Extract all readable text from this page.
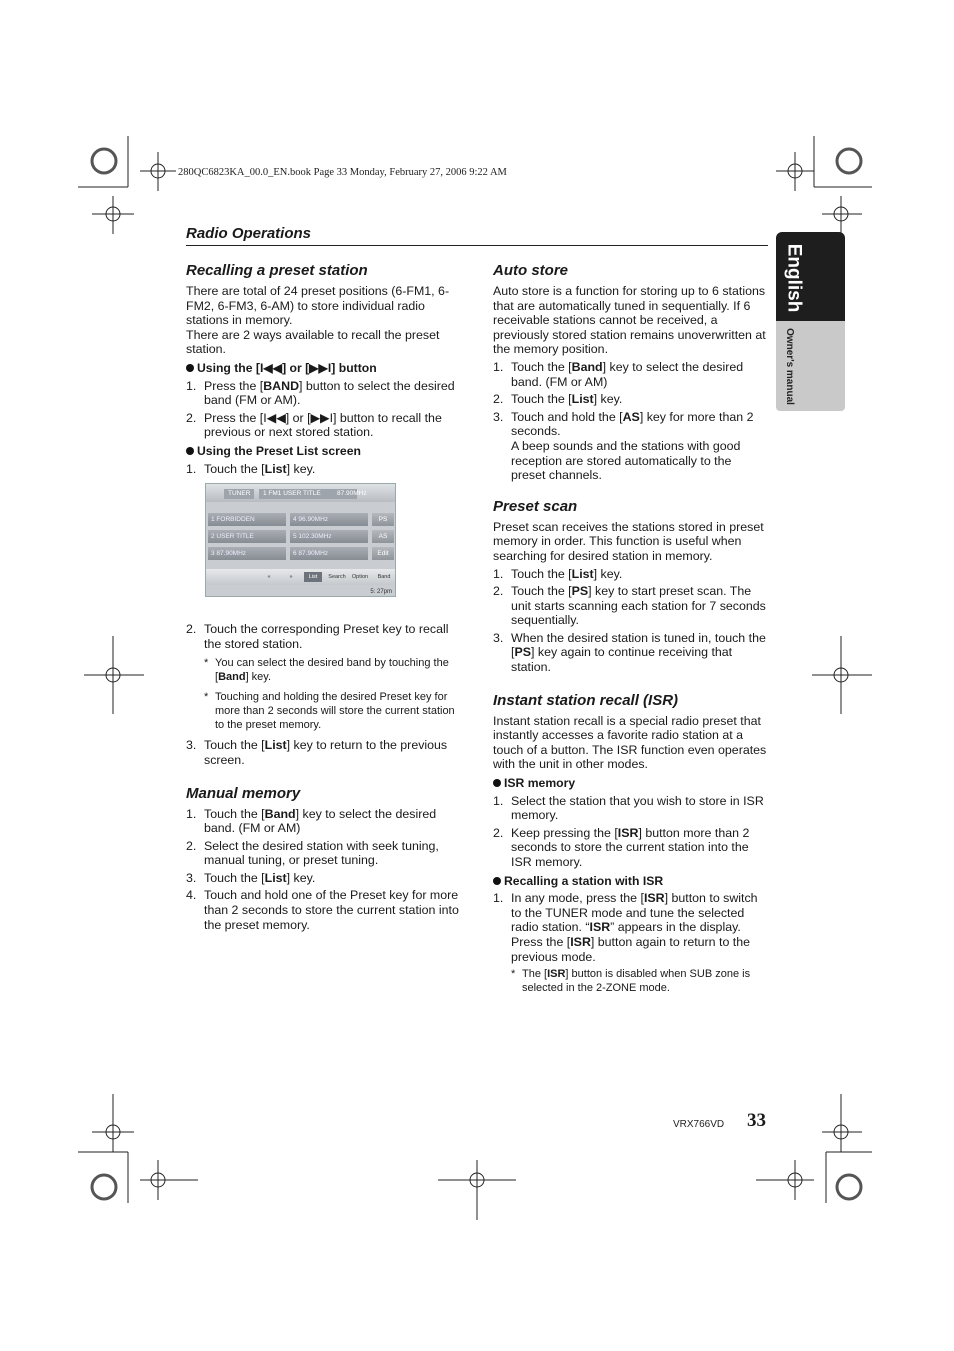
280QC6823KA_00.0_EN.book Page 33 Monday, February 27, 2006 9:22 AM
Radio Operations
English
Owner's manual
Recalling a preset station

There are total of 24 preset positions (6-FM1, 6-FM2, 6-FM3, 6-AM) to store individual radio stations in memory.

There are 2 ways available to recall the preset station.

Using the [I◀◀] or [▶▶I] button
1. Press the [BAND] button to select the desired band (FM or AM).
2. Press the [I◀◀] or [▶▶I] button to recall the previous or next stored station.
Using the Preset List screen
1. Touch the [List] key.
2. Touch the corresponding Preset key to recall the stored station.
* You can select the desired band by touching the [Band] key.
* Touching and holding the desired Preset key for more than 2 seconds will store the current station to the preset memory.
3. Touch the [List] key to return to the previous screen.
Manual memory
1. Touch the [Band] key to select the desired band. (FM or AM)
2. Select the desired station with seek tuning, manual tuning, or preset tuning.
3. Touch the [List] key.
4. Touch and hold one of the Preset key for more than 2 seconds to store the current station into the preset memory.
TUNER	1 FM1 USER TITLE	87.90MHz
1 FORBIDDEN
2 USER TITLE
3 87.90MHz
4 96.90MHz
5 102.30MHz
6 87.90MHz
PS
AS
Edit
«	»	List	Search	Option	Band
5: 27pm
Auto store

Auto store is a function for storing up to 6 stations that are automatically tuned in sequentially. If 6 receivable stations cannot be received, a previously stored station remains unoverwritten at the memory position.

1. Touch the [Band] key to select the desired band. (FM or AM)
2. Touch the [List] key.
3. Touch and hold the [AS] key for more than 2 seconds.
A beep sounds and the stations with good reception are stored automatically to the preset channels.
Preset scan

Preset scan receives the stations stored in preset memory in order. This function is useful when searching for desired station in memory.

1. Touch the [List] key.
2. Touch the [PS] key to start preset scan. The unit starts scanning each station for 7 seconds sequentially.
3. When the desired station is tuned in, touch the [PS] key again to continue receiving that station.
Instant station recall (ISR)

Instant station recall is a special radio preset that instantly accesses a favorite radio station at a touch of a button. The ISR function even operates with the unit in other modes.

ISR memory
1. Select the station that you wish to store in ISR memory.
2. Keep pressing the [ISR] button more than 2 seconds to store the current station into the ISR memory.
Recalling a station with ISR
1. In any mode, press the [ISR] button to switch to the TUNER mode and tune the selected radio station. “ISR” appears in the display. Press the [ISR] button again to return to the previous mode.
* The [ISR] button is disabled when SUB zone is selected in the 2-ZONE mode.
VRX766VD 33
